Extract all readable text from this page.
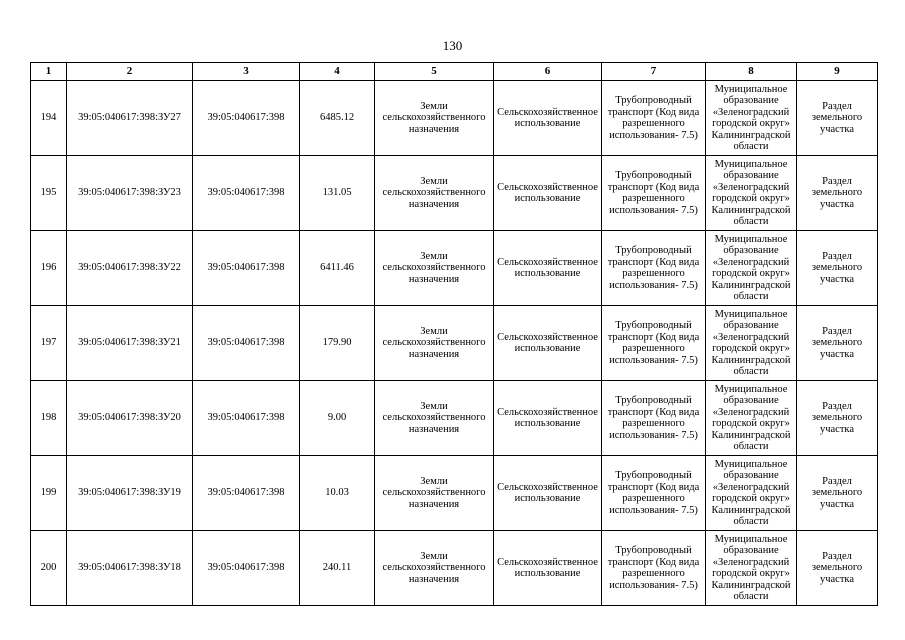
130
1	2	3	4	5	6	7	8	9
194	39:05:040617:398:ЗУ27	39:05:040617:398	6485.12	Земли сельскохозяйственного назначения	Сельскохозяйственное использование	Трубопроводный транспорт (Код вида разрешенного использования- 7.5)	Муниципальное образование «Зеленоградский городской округ» Калининградской области	Раздел земельного участка
195	39:05:040617:398:ЗУ23	39:05:040617:398	131.05	Земли сельскохозяйственного назначения	Сельскохозяйственное использование	Трубопроводный транспорт (Код вида разрешенного использования- 7.5)	Муниципальное образование «Зеленоградский городской округ» Калининградской области	Раздел земельного участка
196	39:05:040617:398:ЗУ22	39:05:040617:398	6411.46	Земли сельскохозяйственного назначения	Сельскохозяйственное использование	Трубопроводный транспорт (Код вида разрешенного использования- 7.5)	Муниципальное образование «Зеленоградский городской округ» Калининградской области	Раздел земельного участка
197	39:05:040617:398:ЗУ21	39:05:040617:398	179.90	Земли сельскохозяйственного назначения	Сельскохозяйственное использование	Трубопроводный транспорт (Код вида разрешенного использования- 7.5)	Муниципальное образование «Зеленоградский городской округ» Калининградской области	Раздел земельного участка
198	39:05:040617:398:ЗУ20	39:05:040617:398	9.00	Земли сельскохозяйственного назначения	Сельскохозяйственное использование	Трубопроводный транспорт (Код вида разрешенного использования- 7.5)	Муниципальное образование «Зеленоградский городской округ» Калининградской области	Раздел земельного участка
199	39:05:040617:398:ЗУ19	39:05:040617:398	10.03	Земли сельскохозяйственного назначения	Сельскохозяйственное использование	Трубопроводный транспорт (Код вида разрешенного использования- 7.5)	Муниципальное образование «Зеленоградский городской округ» Калининградской области	Раздел земельного участка
200	39:05:040617:398:ЗУ18	39:05:040617:398	240.11	Земли сельскохозяйственного назначения	Сельскохозяйственное использование	Трубопроводный транспорт (Код вида разрешенного использования- 7.5)	Муниципальное образование «Зеленоградский городской округ» Калининградской области	Раздел земельного участка
